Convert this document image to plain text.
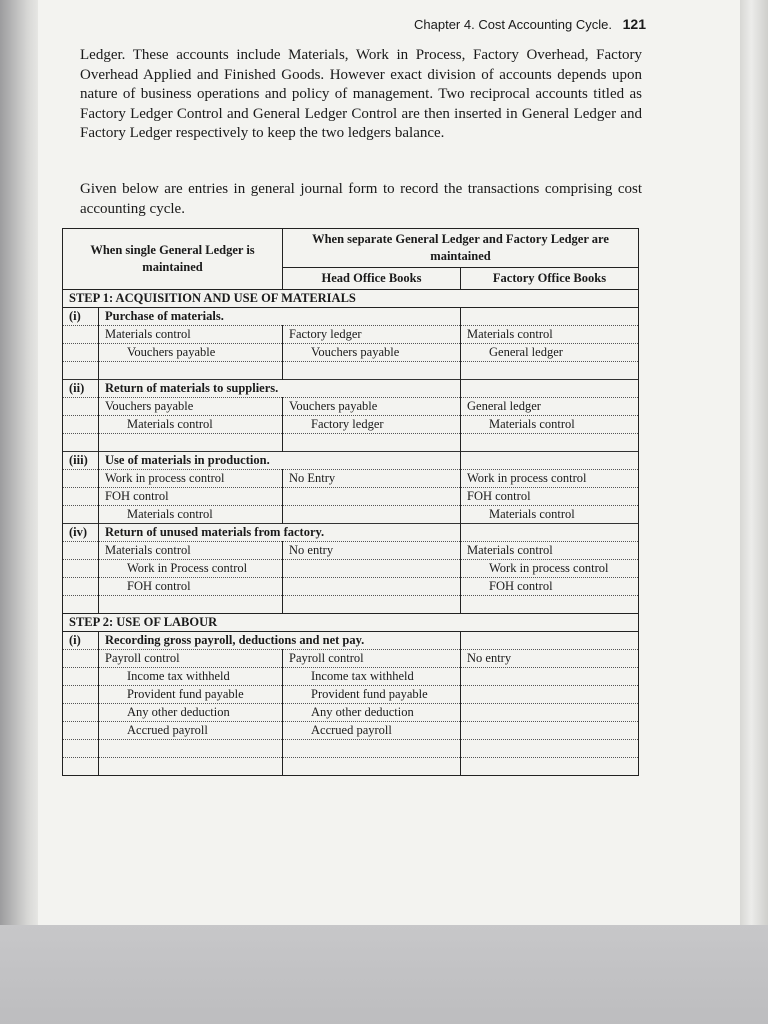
Chapter 4. Cost Accounting Cycle. 121

Ledger. These accounts include Materials, Work in Process, Factory Overhead, Factory Overhead Applied and Finished Goods. However exact division of accounts depends upon nature of business operations and policy of management. Two reciprocal accounts titled as Factory Ledger Control and General Ledger Control are then inserted in General Ledger and Factory Ledger respectively to keep the two ledgers balance.

Given below are entries in general journal form to record the transactions comprising cost accounting cycle.

When single General Ledger is maintained		When separate General Ledger and Factory Ledger are maintained	
		Head Office Books	Factory Office Books
STEP 1: ACQUISITION AND USE OF MATERIALS			
(i)	Purchase of materials.		
	Materials control	Factory ledger	Materials control
	Vouchers payable	Vouchers payable	General ledger

(ii)	Return of materials to suppliers.		
	Vouchers payable	Vouchers payable	General ledger
	Materials control	Factory ledger	Materials control

(iii)	Use of materials in production.		
	Work in process control	No Entry	Work in process control
	FOH control		FOH control
	Materials control		Materials control
(iv)	Return of unused materials from factory.		
	Materials control	No entry	Materials control
	Work in Process control		Work in process control
	FOH control		FOH control

STEP 2: USE OF LABOUR			
(i)	Recording gross payroll, deductions and net pay.		
	Payroll control	Payroll control	No entry
	Income tax withheld	Income tax withheld	
	Provident fund payable	Provident fund payable	
	Any other deduction	Any other deduction	
	Accrued payroll	Accrued payroll	
